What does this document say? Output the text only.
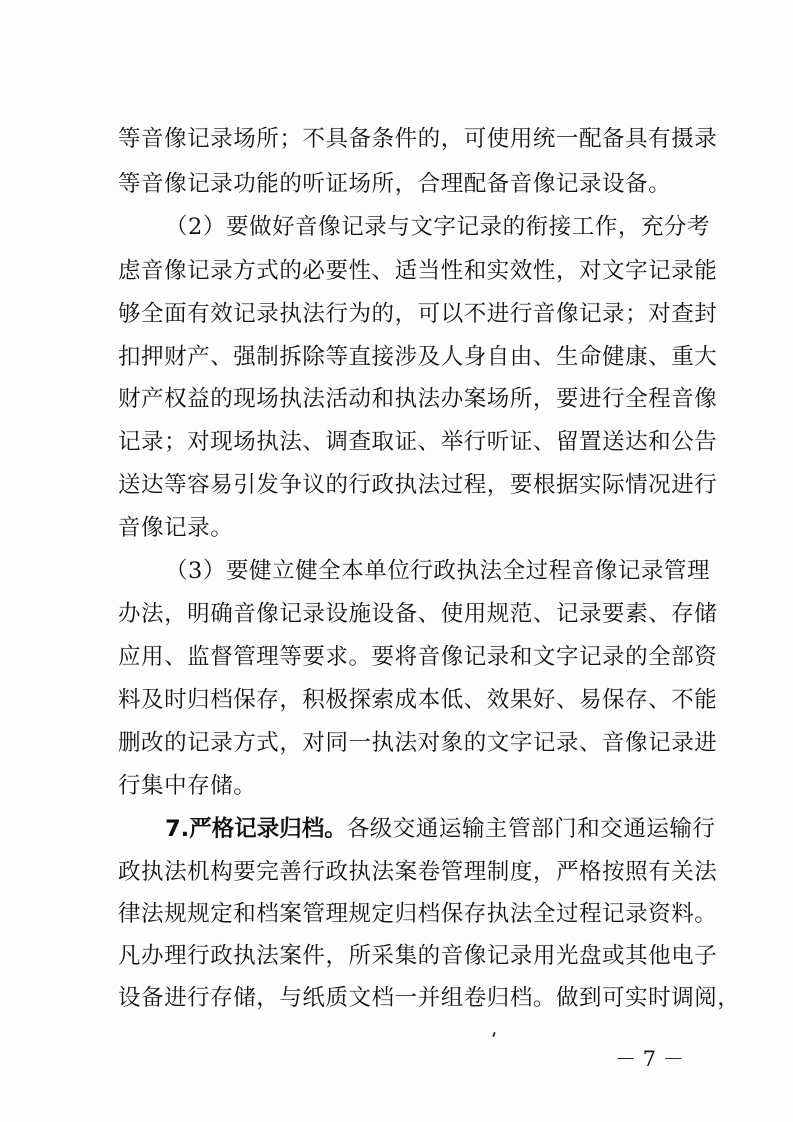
等音像记录场所；不具备条件的，可使用统一配备具有摄录
等音像记录功能的听证场所，合理配备音像记录设备。
（2）要做好音像记录与文字记录的衔接工作，充分考
虑音像记录方式的必要性、适当性和实效性，对文字记录能
够全面有效记录执法行为的，可以不进行音像记录；对查封
扣押财产、强制拆除等直接涉及人身自由、生命健康、重大
财产权益的现场执法活动和执法办案场所，要进行全程音像
记录；对现场执法、调查取证、举行听证、留置送达和公告
送达等容易引发争议的行政执法过程，要根据实际情况进行
音像记录。
（3）要健立健全本单位行政执法全过程音像记录管理
办法，明确音像记录设施设备、使用规范、记录要素、存储
应用、监督管理等要求。要将音像记录和文字记录的全部资
料及时归档保存，积极探索成本低、效果好、易保存、不能
删改的记录方式，对同一执法对象的文字记录、音像记录进
行集中存储。
7.严格记录归档。各级交通运输主管部门和交通运输行
政执法机构要完善行政执法案卷管理制度，严格按照有关法
律法规规定和档案管理规定归档保存执法全过程记录资料。
凡办理行政执法案件，所采集的音像记录用光盘或其他电子
设备进行存储，与纸质文档一并组卷归档。做到可实时调阅，
－ 7 －
